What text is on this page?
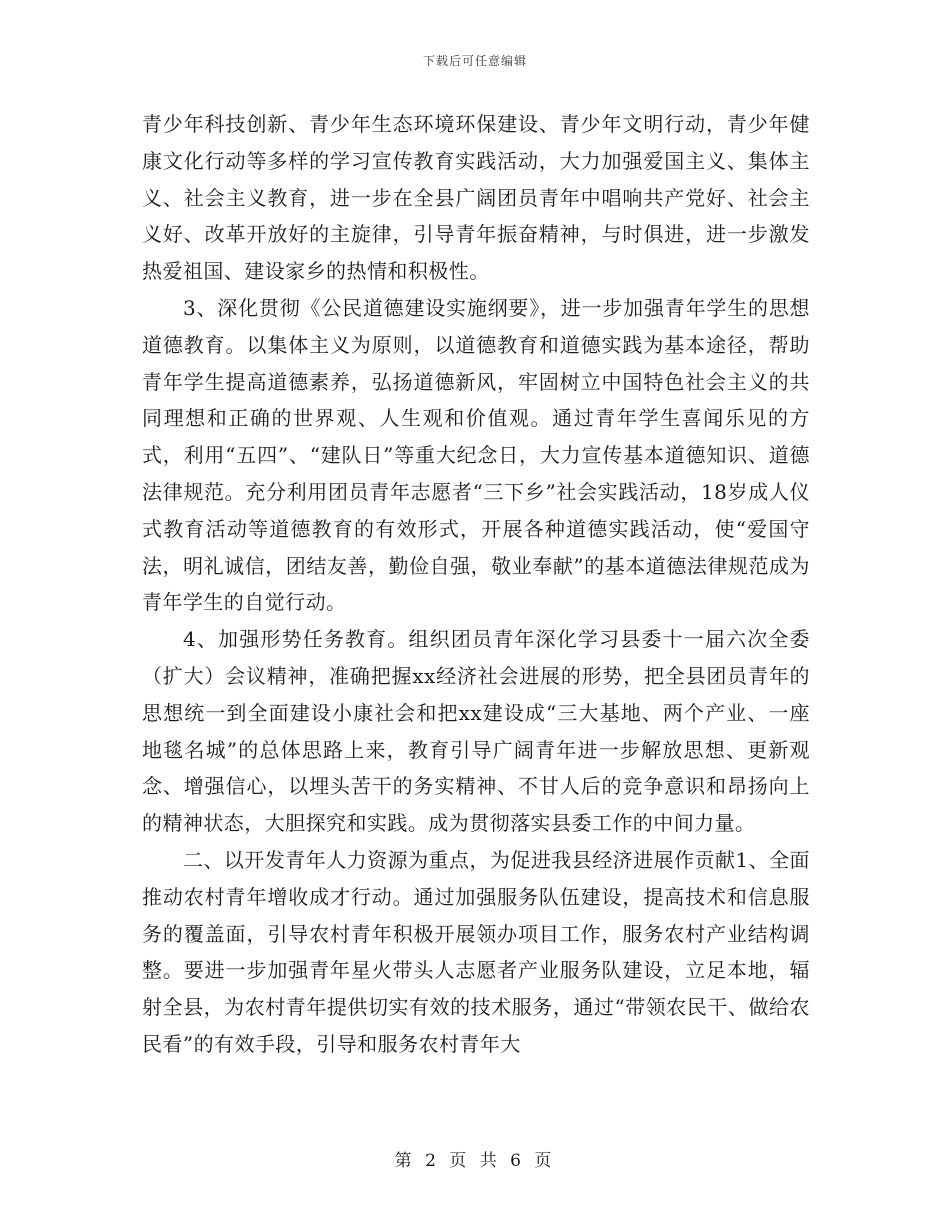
下载后可任意编辑

青少年科技创新、青少年生态环境环保建设、青少年文明行动，青少年健康文化行动等多样的学习宣传教育实践活动，大力加强爱国主义、集体主义、社会主义教育，进一步在全县广阔团员青年中唱响共产党好、社会主义好、改革开放好的主旋律，引导青年振奋精神，与时俱进，进一步激发热爱祖国、建设家乡的热情和积极性。

3、深化贯彻《公民道德建设实施纲要》，进一步加强青年学生的思想道德教育。以集体主义为原则，以道德教育和道德实践为基本途径，帮助青年学生提高道德素养，弘扬道德新风，牢固树立中国特色社会主义的共同理想和正确的世界观、人生观和价值观。通过青年学生喜闻乐见的方式，利用“五四”、“建队日”等重大纪念日，大力宣传基本道德知识、道德法律规范。充分利用团员青年志愿者“三下乡”社会实践活动，18岁成人仪式教育活动等道德教育的有效形式，开展各种道德实践活动，使“爱国守法，明礼诚信，团结友善，勤俭自强，敬业奉献”的基本道德法律规范成为青年学生的自觉行动。

4、加强形势任务教育。组织团员青年深化学习县委十一届六次全委（扩大）会议精神，准确把握xx经济社会进展的形势，把全县团员青年的思想统一到全面建设小康社会和把xx建设成“三大基地、两个产业、一座地毯名城”的总体思路上来，教育引导广阔青年进一步解放思想、更新观念、增强信心，以埋头苦干的务实精神、不甘人后的竞争意识和昂扬向上的精神状态，大胆探究和实践。成为贯彻落实县委工作的中间力量。

二、以开发青年人力资源为重点，为促进我县经济进展作贡献1、全面推动农村青年增收成才行动。通过加强服务队伍建设，提高技术和信息服务的覆盖面，引导农村青年积极开展领办项目工作，服务农村产业结构调整。要进一步加强青年星火带头人志愿者产业服务队建设，立足本地，辐射全县，为农村青年提供切实有效的技术服务，通过“带领农民干、做给农民看”的有效手段，引导和服务农村青年大

第 2 页 共 6 页
